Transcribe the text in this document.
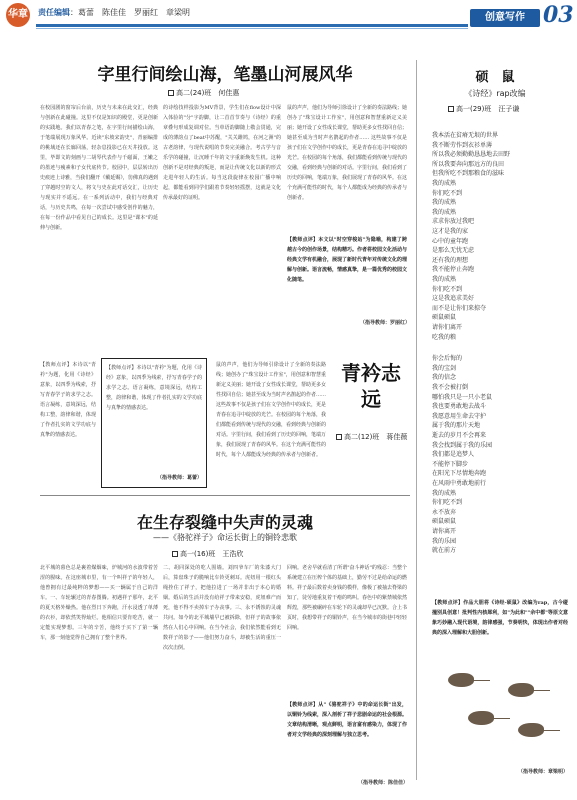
华章 责任编辑：葛蕾　陈佳佳　罗丽红　章梁明	创意写作 03
字里行间绘山海，笔墨山河展风华
高二(24)班　何佳惠
在校园剧的窗帘后台前，历史与未来在此交汇，经典与创新在此碰撞。这里不仅是知识的殿堂，更是创新的实践地。我们以青春之笔，在字里行间描绘山海，于笔端展现万象风华。近读"东坡宋韵史"，青丽编排的桃域还在长廊回荡，轻杂息投影已在天井投放。这里，毕即文的刻画与二胡琴代表作与千磁面，王嫩之的墨迹与瘦素和子女代底传节。校园中，层层转出历史痕迹上诗雅，当我们翻开《戴延赐》，彷佛真的遇到了穿越时空的文人，将文与史在此对话交汇，让历史与现实并不遥远。在一系列活动中，我们与经典对话，与历史共鸣，在每一次尝试中感受创作的魅力，在每一份作品中看见自己的成长。这里是"课本"的延伸与创新。
的诗绘技样投影为MV背景，学生们在flow设计中深入体验的"分"字韵脚，让二首首节奏与《诗经》的重章叠句形成复调对位。当单语韵脚随上敬会贯通，完成的薄韵点了beat中苏醒，"关关雎鸠，在河之洲"的古老韵律，与现代说唱的节奏完美融合。考古学与音乐学的碰撞，让沉睡千年的文字重新焕发生机。这种创新不是对经典的叛逆，而是让传统文化以新的形式走进年轻人的生活。每当这段旋律在校园广播中响起，都能看到同学们跟着节奏轻轻摇摆，这就是文化传承最好的证明。
鼠的声声，他们为导师引徐设计了全新的奏法路线；她创办了"珠宝设计工作室"，用创意和智慧重新定义美丽；她开设了女性成长课堂，帮助更多女性找回自信；她甚至成为当时声名鹊起的作者…… 这些故事不仅是孩子们在文学创作中的成长，更是青春在追寻中绽放的光芒。在校园的每个角落，我们都能看到传统与现代的交融，看到经典与创新的对话。字里行间，我们看到了历史的回响，笔端万象，我们展现了青春的风华。在这个充满可能性的时代，每个人都能成为经典的传承者与创新者。
【教师点评】本文以"时空穿梭站"为隐喻，构建了跨越古今的创作场景，结构精巧。作者将校园文化活动与经典文学有机融合，展现了新时代青年对传统文化的理解与创新。语言流畅，情感真挚，是一篇优秀的校园文化随笔。
（指导教师：罗丽红）
【教师点评】本诗以"青衿"为题，化用《诗经》意象，以四季为线索，抒写青春学子的求学之志。语言凝练，意境深远，结构工整，韵律和谐，体现了作者扎实的文学功底与真挚的情感表达。
（指导教师：葛蕾）
【教师点评】本诗以"青衿"为题，化用《诗经》意象，以四季为线索，抒写青春学子的求学之志。语言凝练，意境深远，结构工整，韵律和谐，体现了作者扎实的文学功底与真挚的情感表达。
鼠的声声，他们为导师引徐设计了全新的奏法路线；她创办了"珠宝设计工作室"，用创意和智慧重新定义美丽；她开设了女性成长课堂，帮助更多女性找回自信；她甚至成为当时声名鹊起的作者…… 这些故事不仅是孩子们在文学创作中的成长，更是青春在追寻中绽放的光芒。在校园的每个角落，我们都能看到传统与现代的交融，看到经典与创新的对话。字里行间，我们看到了历史的回响，笔端万象，我们展现了青春的风华。在这个充满可能性的时代，每个人都能成为经典的传承者与创新者。
青衿志远
高二(12)班　蒋佳薇
硕　鼠
《诗经》rap改编
高一(29)班　汪子谦
我本活在贫瘠无垠的世界
我不断劳作到衣衫单薄
所以我必须勤勤恳恳地去田野
所以我要奔向那远方的良田
但我所吃不到那粮食的滋味
我的成熟
你们吃不到
我的成熟
我的成熟
求求你放过我吧
这才是我的家
心中的童年跑
是那么无忧无虑
还有我的理想
我不能停止奔跑
我的成熟
你们吃不到
这是我追求美好
而不是让你们来掠夺
硕鼠硕鼠
请你们离开
吃我的粮
你会后悔的
我的宝剑
我的信念
我不会被打倒
哪怕我只是一只小老鼠
我也要勇敢地去战斗
我愿意用生命去守护
属于我的那片天地
逝去的岁月不会再来
我会找到属于我的乐园
我们都是追梦人
不能停下脚步
在阳光下尽情地奔跑
在风雨中勇敢地前行
我的成熟
你们吃不到
永不放弃
硕鼠硕鼠
请你离开
我的乐园
就在前方
【教师点评】作品大胆将《诗经·硕鼠》改编为rap，古今碰撞别具创意！批判性内核犀利，如"为此和""余中都"等原文意象巧妙融入现代语境，韵律感强，节奏明快，体现出作者对经典的深入理解和大胆创新。
（指导教师：章梁明）
在生存裂缝中失声的灵魂
——《骆驼祥子》命运长街上的铜铃悲歌
高一(16)班　王浩欣
北平城的暮色总是裹着煤烟味，炉城河的水波带着苦涩的腥味。在这座城市里，有一个叫祥子的年轻人，他曾拥有过最纯粹的梦想——买一辆属于自己的洋车。一、车轮辗过的青春图腾。初遇祥子那年，北平的夏天格外燥热。他在烈日下奔跑，汗水浸透了单薄的衣衫，却依然笑得灿烂。他相信只要肯吃苦，就一定能实现梦想。三年的辛苦，他终于买下了第一辆车，那一刻他觉得自己拥有了整个世界。
二、胡同深处的吃人围墙。刘四爷车厂的朱漆大门后，算盘珠子的脆响比车铃更刺耳。虎妞用一根红头绳拴住了祥子，把他拉进了一场并非出于本心的婚姻。婚后的生活并没有给祥子带来安稳，虎妞难产而死，他不得不卖掉车子办丧事。三、永不锈蚀的灵魂共问。如今的北平城墙早已被拆除，但祥子的故事依然在人们心中回响。在当今社会，我们依然能看到无数祥子的影子——他们努力奋斗，却被生活的重压一次次击倒。
回响。老舍早就看清了所谓"奋斗神话"的残忍：当整个系统建立在压榨个体的基础上，勤劳不过是给命运的燃料。祥子最后数着卖身钱的模样，像极了被抽去脊梁的知了，徒劳地重复着干瘪的鸣叫。春色中的紫禁城依然辉煌，那些被碾碎在车轮下的灵魂却早已沉默。合上书页时，我想带祥子的铜铃声，在当今城市的街巷中轻轻回响。
【教师点评】从"《骆驼祥子》中的命运长街"出发，以铜铃为线索，深入剖析了祥子悲剧命运的社会根源。文章结构清晰，观点鲜明，语言富有感染力，体现了作者对文学经典的深刻理解与独立思考。
（指导教师：陈佳佳）
